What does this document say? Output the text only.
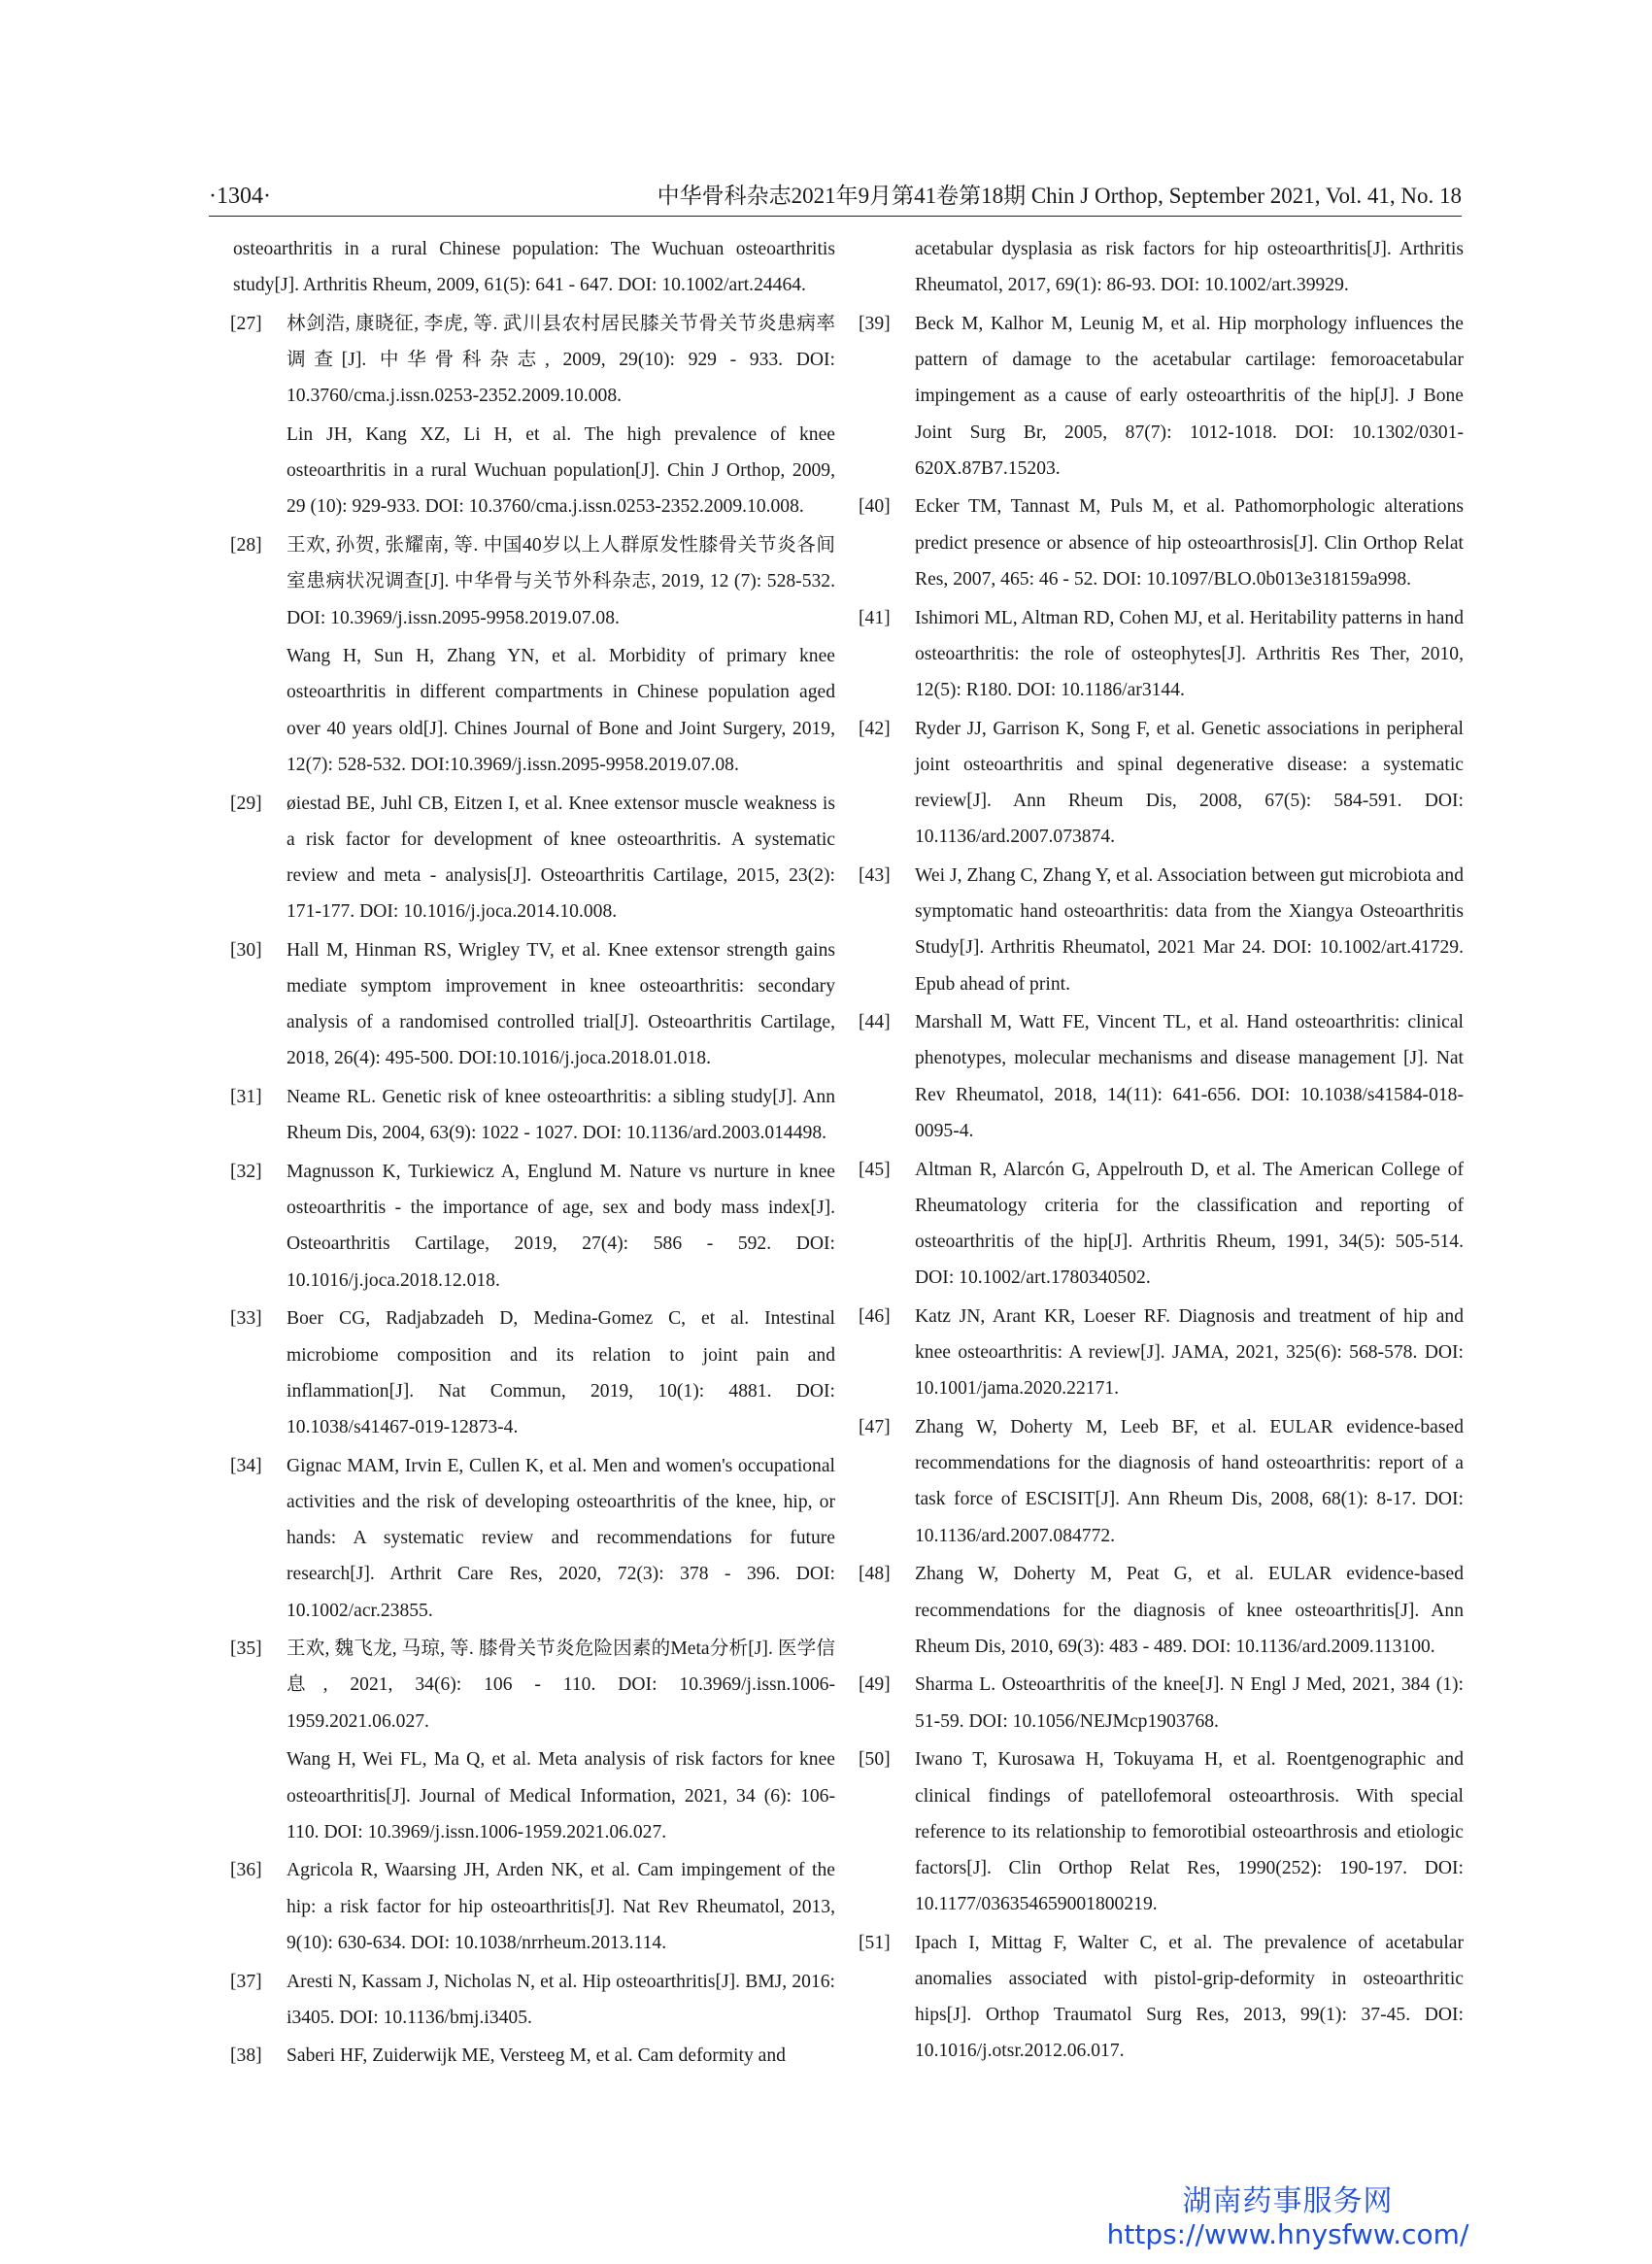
·1304·	中华骨科杂志2021年9月第41卷第18期 Chin J Orthop, September 2021, Vol. 41, No. 18
osteoarthritis in a rural Chinese population: The Wuchuan osteoarthritis study[J]. Arthritis Rheum, 2009, 61(5): 641 - 647. DOI: 10.1002/art.24464.
[27] 林剑浩, 康晓征, 李虎, 等. 武川县农村居民膝关节骨关节炎患病率调查[J]. 中华骨科杂志, 2009, 29(10): 929 - 933. DOI: 10.3760/cma.j.issn.0253-2352.2009.10.008.
Lin JH, Kang XZ, Li H, et al. The high prevalence of knee osteoarthritis in a rural Wuchuan population[J]. Chin J Orthop, 2009, 29 (10): 929-933. DOI: 10.3760/cma.j.issn.0253-2352.2009.10.008.
[28] 王欢, 孙贺, 张耀南, 等. 中国40岁以上人群原发性膝骨关节炎各间室患病状况调查[J]. 中华骨与关节外科杂志, 2019, 12 (7): 528-532. DOI: 10.3969/j.issn.2095-9958.2019.07.08.
Wang H, Sun H, Zhang YN, et al. Morbidity of primary knee osteoarthritis in different compartments in Chinese population aged over 40 years old[J]. Chines Journal of Bone and Joint Surgery, 2019, 12(7): 528-532. DOI:10.3969/j.issn.2095-9958.2019.07.08.
[29] øiestad BE, Juhl CB, Eitzen I, et al. Knee extensor muscle weakness is a risk factor for development of knee osteoarthritis. A systematic review and meta - analysis[J]. Osteoarthritis Cartilage, 2015, 23(2): 171-177. DOI: 10.1016/j.joca.2014.10.008.
[30] Hall M, Hinman RS, Wrigley TV, et al. Knee extensor strength gains mediate symptom improvement in knee osteoarthritis: secondary analysis of a randomised controlled trial[J]. Osteoarthritis Cartilage, 2018, 26(4): 495-500. DOI:10.1016/j.joca.2018.01.018.
[31] Neame RL. Genetic risk of knee osteoarthritis: a sibling study[J]. Ann Rheum Dis, 2004, 63(9): 1022 - 1027. DOI: 10.1136/ard.2003.014498.
[32] Magnusson K, Turkiewicz A, Englund M. Nature vs nurture in knee osteoarthritis - the importance of age, sex and body mass index[J]. Osteoarthritis Cartilage, 2019, 27(4): 586 - 592. DOI: 10.1016/j.joca.2018.12.018.
[33] Boer CG, Radjabzadeh D, Medina-Gomez C, et al. Intestinal microbiome composition and its relation to joint pain and inflammation[J]. Nat Commun, 2019, 10(1): 4881. DOI: 10.1038/s41467-019-12873-4.
[34] Gignac MAM, Irvin E, Cullen K, et al. Men and women's occupational activities and the risk of developing osteoarthritis of the knee, hip, or hands: A systematic review and recommendations for future research[J]. Arthrit Care Res, 2020, 72(3): 378 - 396. DOI: 10.1002/acr.23855.
[35] 王欢, 魏飞龙, 马琼, 等. 膝骨关节炎危险因素的Meta分析[J]. 医学信息, 2021, 34(6): 106 - 110. DOI: 10.3969/j.issn.1006-1959.2021.06.027.
Wang H, Wei FL, Ma Q, et al. Meta analysis of risk factors for knee osteoarthritis[J]. Journal of Medical Information, 2021, 34 (6): 106-110. DOI: 10.3969/j.issn.1006-1959.2021.06.027.
[36] Agricola R, Waarsing JH, Arden NK, et al. Cam impingement of the hip: a risk factor for hip osteoarthritis[J]. Nat Rev Rheumatol, 2013, 9(10): 630-634. DOI: 10.1038/nrrheum.2013.114.
[37] Aresti N, Kassam J, Nicholas N, et al. Hip osteoarthritis[J]. BMJ, 2016: i3405. DOI: 10.1136/bmj.i3405.
[38] Saberi HF, Zuiderwijk ME, Versteeg M, et al. Cam deformity and
acetabular dysplasia as risk factors for hip osteoarthritis[J]. Arthritis Rheumatol, 2017, 69(1): 86-93. DOI: 10.1002/art.39929.
[39] Beck M, Kalhor M, Leunig M, et al. Hip morphology influences the pattern of damage to the acetabular cartilage: femoroacetabular impingement as a cause of early osteoarthritis of the hip[J]. J Bone Joint Surg Br, 2005, 87(7): 1012-1018. DOI: 10.1302/0301-620X.87B7.15203.
[40] Ecker TM, Tannast M, Puls M, et al. Pathomorphologic alterations predict presence or absence of hip osteoarthrosis[J]. Clin Orthop Relat Res, 2007, 465: 46 - 52. DOI: 10.1097/BLO.0b013e318159a998.
[41] Ishimori ML, Altman RD, Cohen MJ, et al. Heritability patterns in hand osteoarthritis: the role of osteophytes[J]. Arthritis Res Ther, 2010, 12(5): R180. DOI: 10.1186/ar3144.
[42] Ryder JJ, Garrison K, Song F, et al. Genetic associations in peripheral joint osteoarthritis and spinal degenerative disease: a systematic review[J]. Ann Rheum Dis, 2008, 67(5): 584-591. DOI: 10.1136/ard.2007.073874.
[43] Wei J, Zhang C, Zhang Y, et al. Association between gut microbiota and symptomatic hand osteoarthritis: data from the Xiangya Osteoarthritis Study[J]. Arthritis Rheumatol, 2021 Mar 24. DOI: 10.1002/art.41729. Epub ahead of print.
[44] Marshall M, Watt FE, Vincent TL, et al. Hand osteoarthritis: clinical phenotypes, molecular mechanisms and disease management [J]. Nat Rev Rheumatol, 2018, 14(11): 641-656. DOI: 10.1038/s41584-018-0095-4.
[45] Altman R, Alarcón G, Appelrouth D, et al. The American College of Rheumatology criteria for the classification and reporting of osteoarthritis of the hip[J]. Arthritis Rheum, 1991, 34(5): 505-514. DOI: 10.1002/art.1780340502.
[46] Katz JN, Arant KR, Loeser RF. Diagnosis and treatment of hip and knee osteoarthritis: A review[J]. JAMA, 2021, 325(6): 568-578. DOI: 10.1001/jama.2020.22171.
[47] Zhang W, Doherty M, Leeb BF, et al. EULAR evidence-based recommendations for the diagnosis of hand osteoarthritis: report of a task force of ESCISIT[J]. Ann Rheum Dis, 2008, 68(1): 8-17. DOI: 10.1136/ard.2007.084772.
[48] Zhang W, Doherty M, Peat G, et al. EULAR evidence-based recommendations for the diagnosis of knee osteoarthritis[J]. Ann Rheum Dis, 2010, 69(3): 483 - 489. DOI: 10.1136/ard.2009.113100.
[49] Sharma L. Osteoarthritis of the knee[J]. N Engl J Med, 2021, 384 (1): 51-59. DOI: 10.1056/NEJMcp1903768.
[50] Iwano T, Kurosawa H, Tokuyama H, et al. Roentgenographic and clinical findings of patellofemoral osteoarthrosis. With special reference to its relationship to femorotibial osteoarthrosis and etiologic factors[J]. Clin Orthop Relat Res, 1990(252): 190-197. DOI: 10.1177/036354659001800219.
[51] Ipach I, Mittag F, Walter C, et al. The prevalence of acetabular anomalies associated with pistol-grip-deformity in osteoarthritic hips[J]. Orthop Traumatol Surg Res, 2013, 99(1): 37-45. DOI: 10.1016/j.otsr.2012.06.017.
湖南药事服务网
https://www.hnysfww.com/
